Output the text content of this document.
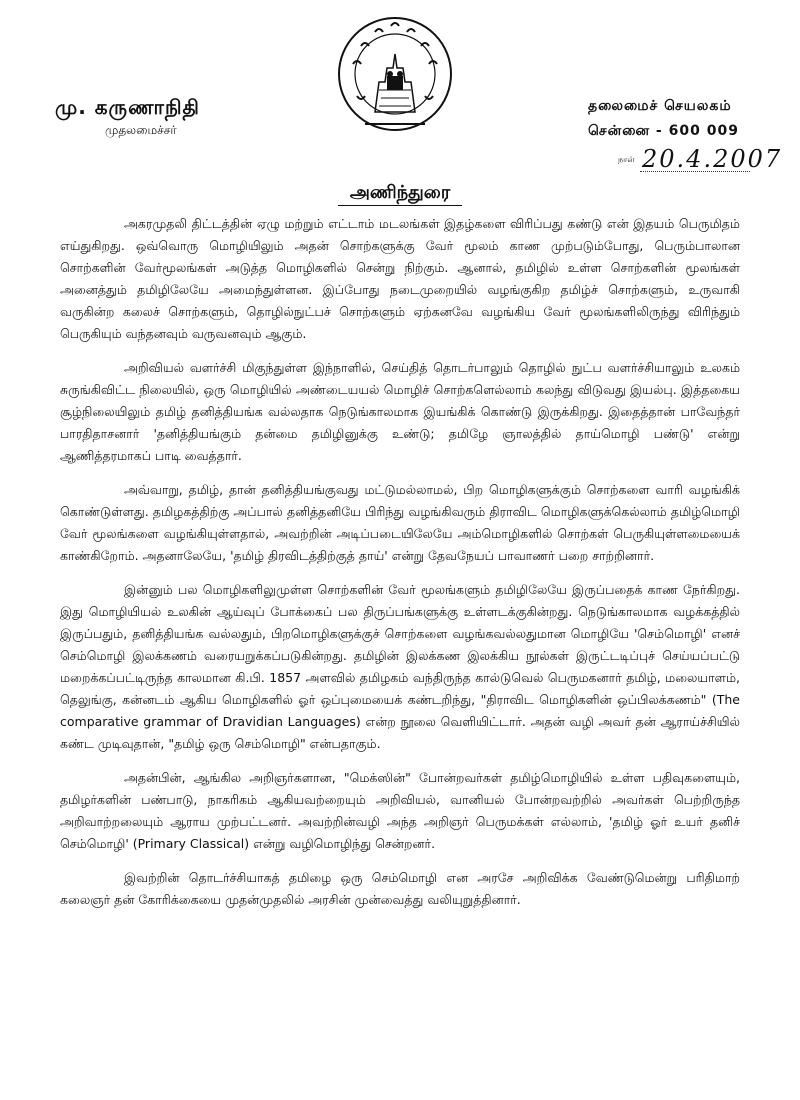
மு. கருணாநிதி
முதலமைச்சர்
தலைமைச் செயலகம்
சென்னை - 600 009
நாள் 20.4.2007
அணிந்துரை

அகரமுதலி திட்டத்தின் ஏழு மற்றும் எட்டாம் மடலங்கள் இதழ்களை விரிப்பது கண்டு என் இதயம் பெருமிதம் எய்துகிறது. ஒவ்வொரு மொழியிலும் அதன் சொற்களுக்கு வேர் மூலம் காண முற்படும்போது, பெரும்பாலான சொற்களின் வேர்மூலங்கள் அடுத்த மொழிகளில் சென்று நிற்கும். ஆனால், தமிழில் உள்ள சொற்களின் மூலங்கள் அனைத்தும் தமிழிலேயே அமைந்துள்ளன. இப்போது நடைமுறையில் வழங்குகிற தமிழ்ச் சொற்களும், உருவாகி வருகின்ற கலைச் சொற்களும், தொழில்நுட்பச் சொற்களும் ஏற்கனவே வழங்கிய வேர் மூலங்களிலிருந்து விரிந்தும் பெருகியும் வந்தனவும் வருவனவும் ஆகும்.

அறிவியல் வளர்ச்சி மிகுந்துள்ள இந்நாளில், செய்தித் தொடர்பாலும் தொழில் நுட்ப வளர்ச்சியாலும் உலகம் சுருங்கிவிட்ட நிலையில், ஒரு மொழியில் அண்டையயல் மொழிச் சொற்களெல்லாம் கலந்து விடுவது இயல்பு. இத்தகைய சூழ்நிலையிலும் தமிழ் தனித்தியங்க வல்லதாக நெடுங்காலமாக இயங்கிக் கொண்டு இருக்கிறது. இதைத்தான் பாவேந்தர் பாரதிதாசனார் 'தனித்தியங்கும் தன்மை தமிழினுக்கு உண்டு; தமிழே ஞாலத்தில் தாய்மொழி பண்டு' என்று ஆணித்தரமாகப் பாடி வைத்தார்.

அவ்வாறு, தமிழ், தான் தனித்தியங்குவது மட்டுமல்லாமல், பிற மொழிகளுக்கும் சொற்களை வாரி வழங்கிக் கொண்டுள்ளது. தமிழகத்திற்கு அப்பால் தனித்தனியே பிரிந்து வழங்கிவரும் திராவிட மொழிகளுக்கெல்லாம் தமிழ்மொழி வேர் மூலங்களை வழங்கியுள்ளதால், அவற்றின் அடிப்படையிலேயே அம்மொழிகளில் சொற்கள் பெருகியுள்ளமையைக் காண்கிறோம். அதனாலேயே, 'தமிழ் திரவிடத்திற்குத் தாய்' என்று தேவநேயப் பாவாணர் பறை சாற்றினார்.

இன்னும் பல மொழிகளிலுமுள்ள சொற்களின் வேர் மூலங்களும் தமிழிலேயே இருப்பதைக் காண நேர்கிறது. இது மொழியியல் உலகின் ஆய்வுப் போக்கைப் பல திருப்பங்களுக்கு உள்ளடக்குகின்றது. நெடுங்காலமாக வழக்கத்தில் இருப்பதும், தனித்தியங்க வல்லதும், பிறமொழிகளுக்குச் சொற்களை வழங்கவல்லதுமான மொழியே 'செம்மொழி' எனச் செம்மொழி இலக்கணம் வரையறுக்கப்படுகின்றது. தமிழின் இலக்கண இலக்கிய நூல்கள் இருட்டடிப்புச் செய்யப்பட்டு மறைக்கப்பட்டிருந்த காலமான கி.பி. 1857 அளவில் தமிழகம் வந்திருந்த கால்டுவெல் பெருமகனார் தமிழ், மலையாளம், தெலுங்கு, கன்னடம் ஆகிய மொழிகளில் ஓர் ஒப்புமையைக் கண்டறிந்து, "திராவிட மொழிகளின் ஒப்பிலக்கணம்" (The comparative grammar of Dravidian Languages) என்ற நூலை வெளியிட்டார். அதன் வழி அவர் தன் ஆராய்ச்சியில் கண்ட முடிவுதான், "தமிழ் ஒரு செம்மொழி" என்பதாகும்.

அதன்பின், ஆங்கில அறிஞர்களான, "மெக்ஸின்" போன்றவர்கள் தமிழ்மொழியில் உள்ள பதிவுகளையும், தமிழர்களின் பண்பாடு, நாகரிகம் ஆகியவற்றையும் அறிவியல், வானியல் போன்றவற்றில் அவர்கள் பெற்றிருந்த அறிவாற்றலையும் ஆராய முற்பட்டனர். அவற்றின்வழி அந்த அறிஞர் பெருமக்கள் எல்லாம், 'தமிழ் ஓர் உயர் தனிச் செம்மொழி' (Primary Classical) என்று வழிமொழிந்து சென்றனர்.

இவற்றின் தொடர்ச்சியாகத் தமிழை ஒரு செம்மொழி என அரசே அறிவிக்க வேண்டுமென்று பரிதிமாற் கலைஞர் தன் கோரிக்கையை முதன்முதலில் அரசின் முன்வைத்து வலியுறுத்தினார்.
